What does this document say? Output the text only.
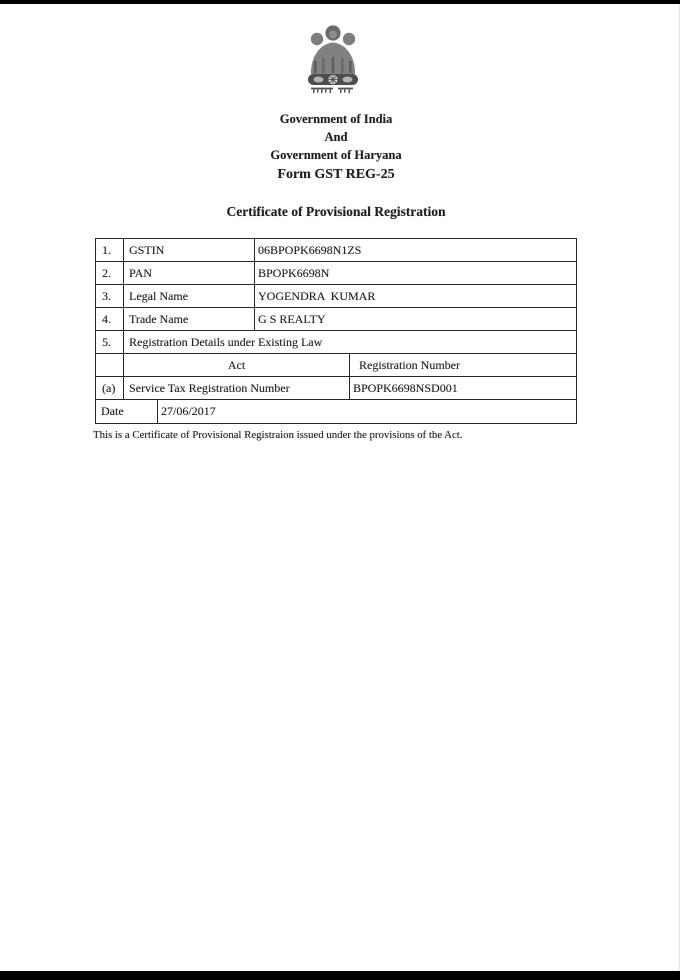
Government of India
And
Government of Haryana
Form GST REG-25
Certificate of Provisional Registration
1.	GSTIN	06BPOPK6698N1ZS
2.	PAN	BPOPK6698N
3.	Legal Name	YOGENDRA  KUMAR
4.	Trade Name	G S REALTY
5.	Registration Details under Existing Law
Act	Registration Number
(a)	Service Tax Registration Number	BPOPK6698NSD001
Date	27/06/2017
This is a Certificate of Provisional Registraion issued under the provisions of the Act.
